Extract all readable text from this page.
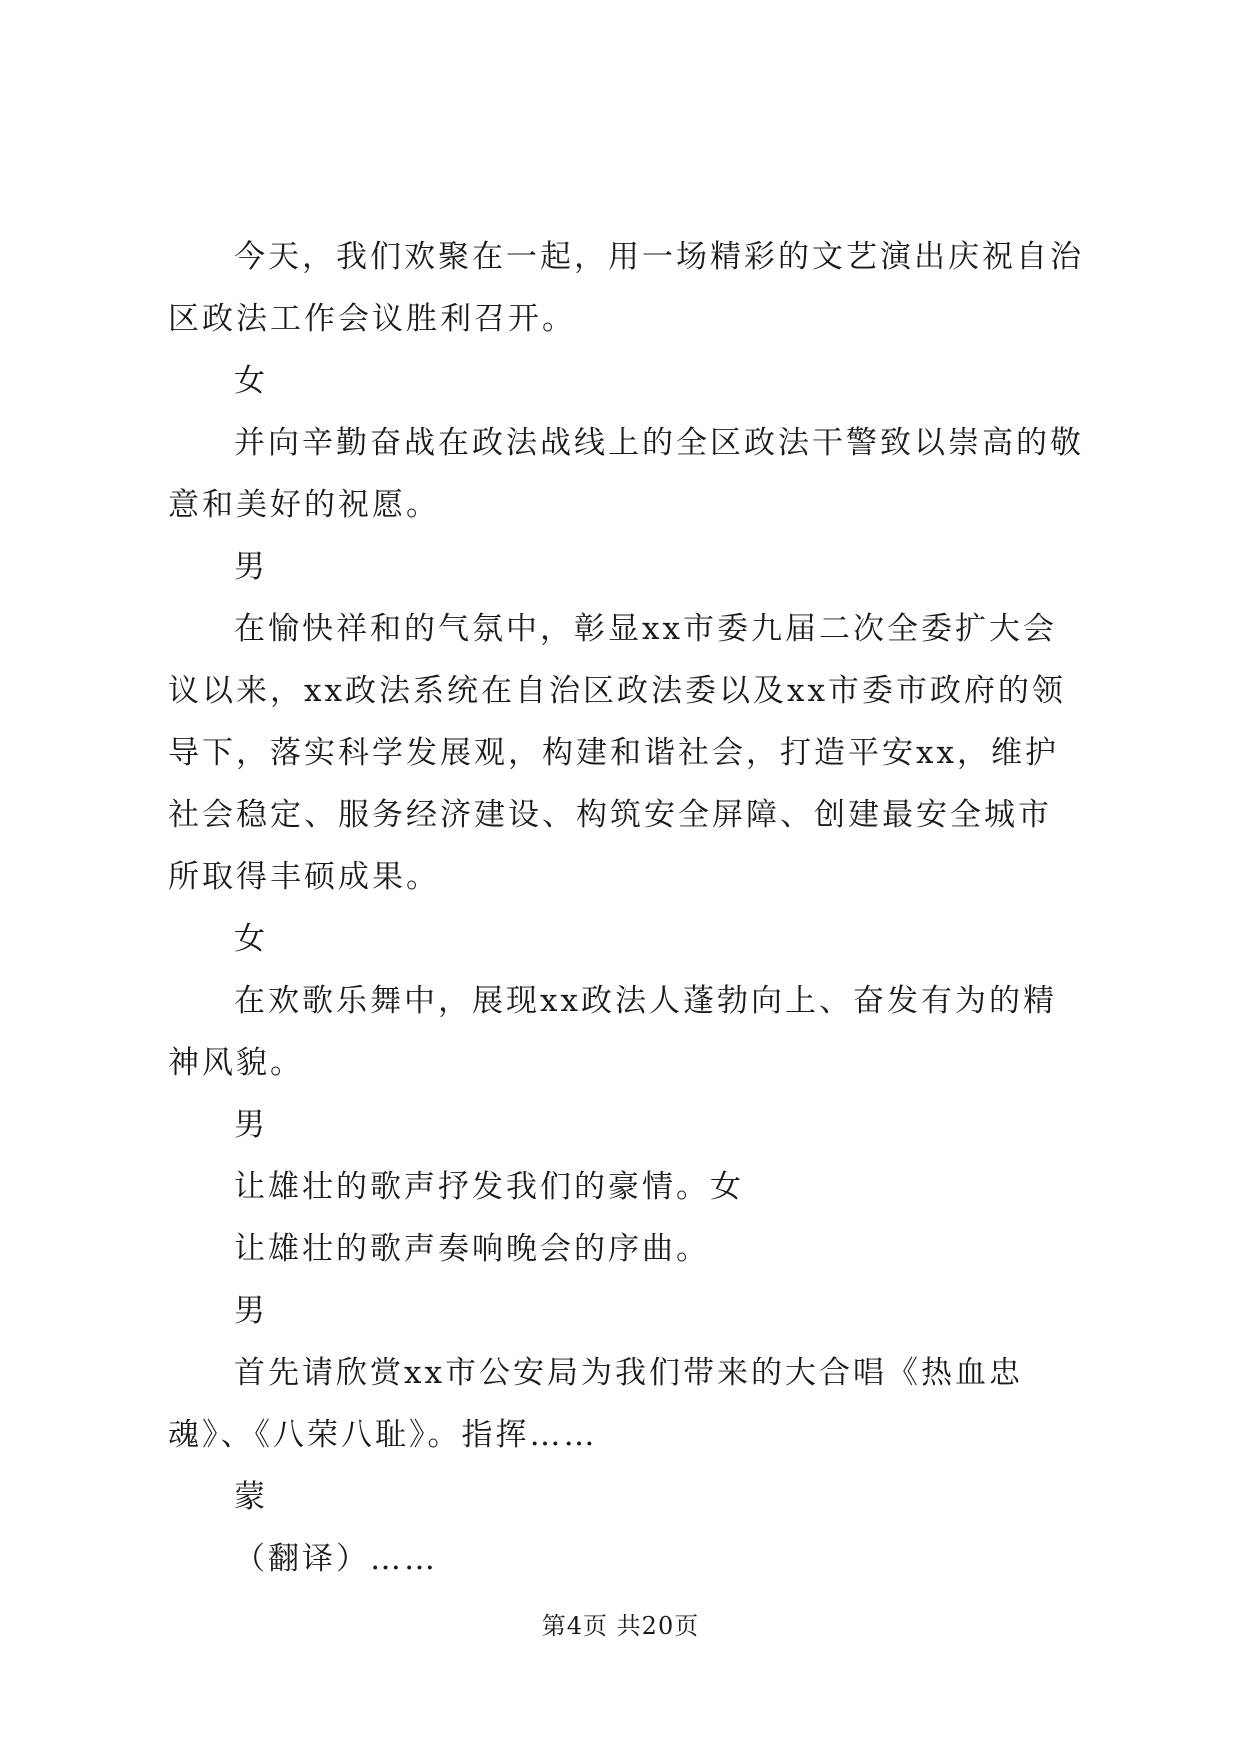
今天，我们欢聚在一起，用一场精彩的文艺演出庆祝自治区政法工作会议胜利召开。

女

并向辛勤奋战在政法战线上的全区政法干警致以崇高的敬意和美好的祝愿。

男

在愉快祥和的气氛中，彰显xx市委九届二次全委扩大会议以来，xx政法系统在自治区政法委以及xx市委市政府的领导下，落实科学发展观，构建和谐社会，打造平安xx，维护社会稳定、服务经济建设、构筑安全屏障、创建最安全城市所取得丰硕成果。

女

在欢歌乐舞中，展现xx政法人蓬勃向上、奋发有为的精神风貌。

男

让雄壮的歌声抒发我们的豪情。女

让雄壮的歌声奏响晚会的序曲。

男

首先请欣赏xx市公安局为我们带来的大合唱《热血忠魂》、《八荣八耻》。指挥……

蒙

（翻译）……

第4页 共20页
